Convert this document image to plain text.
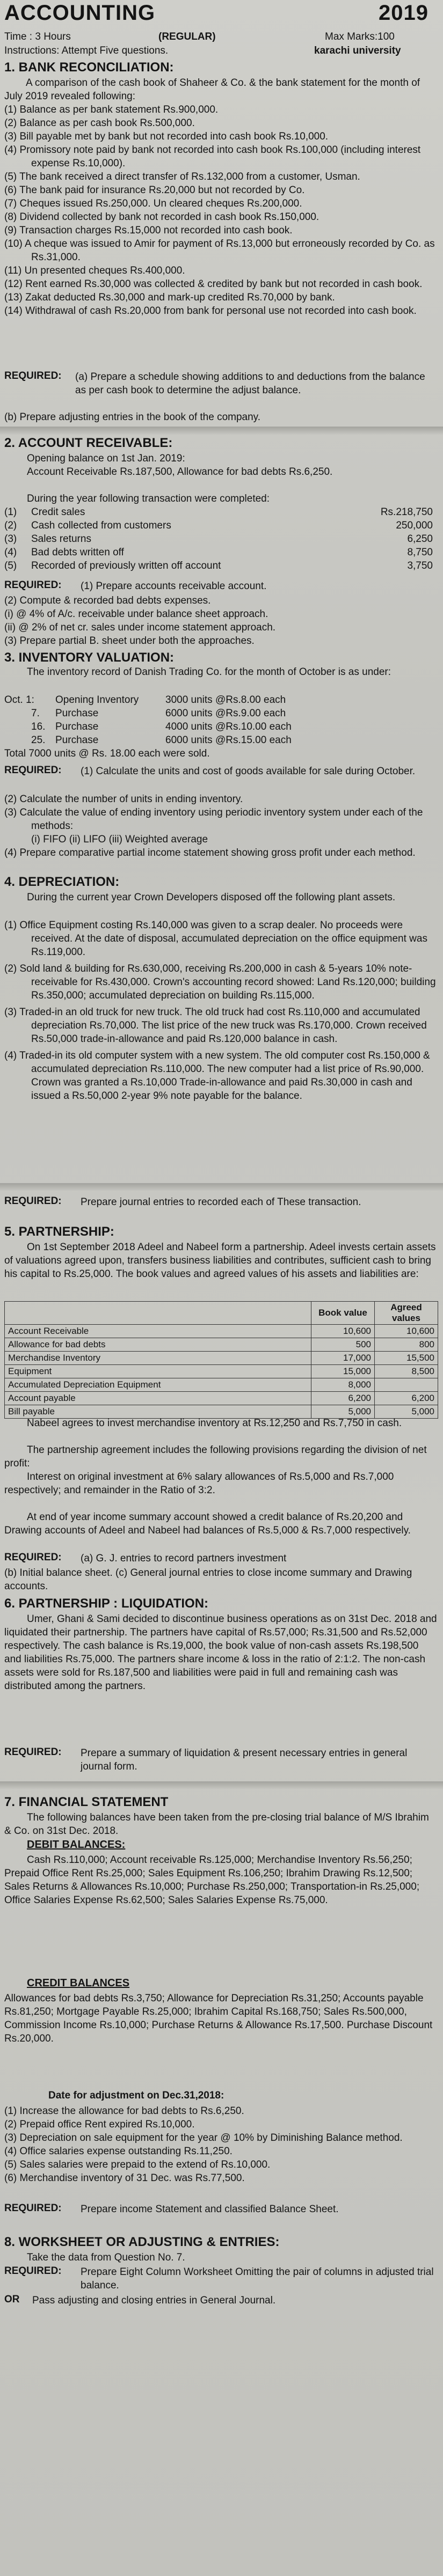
ACCOUNTING	2019
Time : 3 Hours	(REGULAR)	Max Marks:100
Instructions: Attempt Five questions.	karachi university
1. BANK RECONCILIATION:
A comparison of the cash book of Shaheer & Co. & the bank statement for the month of July 2019 revealed following:
(1) Balance as per bank statement Rs.900,000.
(2) Balance as per cash book Rs.500,000.
(3) Bill payable met by bank but not recorded into cash book Rs.10,000.
(4) Promissory note paid by bank not recorded into cash book Rs.100,000 (including interest expense Rs.10,000).
(5) The bank received a direct transfer of Rs.132,000 from a customer, Usman.
(6) The bank paid for insurance Rs.20,000 but not recorded by Co.
(7) Cheques issued Rs.250,000. Un cleared cheques Rs.200,000.
(8) Dividend collected by bank not recorded in cash book Rs.150,000.
(9) Transaction charges Rs.15,000 not recorded into cash book.
(10) A cheque was issued to Amir for payment of Rs.13,000 but erroneously recorded by Co. as Rs.31,000.
(11) Un presented cheques Rs.400,000.
(12) Rent earned Rs.30,000 was collected & credited by bank but not recorded in cash book.
(13) Zakat deducted Rs.30,000 and mark-up credited Rs.70,000 by bank.
(14) Withdrawal of cash Rs.20,000 from bank for personal use not recorded into cash book.
REQUIRED: (a) Prepare a schedule showing additions to and deductions from the balance as per cash book to determine the adjust balance.
(b) Prepare adjusting entries in the book of the company.
2. ACCOUNT RECEIVABLE:
Opening balance on 1st Jan. 2019:
Account Receivable Rs.187,500, Allowance for bad debts Rs.6,250.
During the year following transaction were completed:
(1) Credit sales	Rs.218,750
(2) Cash collected from customers	250,000
(3) Sales returns	6,250
(4) Bad debts written off	8,750
(5) Recorded of previously written off account	3,750
REQUIRED: (1) Prepare accounts receivable account.
(2) Compute & recorded bad debts expenses.
(i) @ 4% of A/c. receivable under balance sheet approach.
(ii) @ 2% of net cr. sales under income statement approach.
(3) Prepare partial B. sheet under both the approaches.
3. INVENTORY VALUATION:
The inventory record of Danish Trading Co. for the month of October is as under:
Oct. 1: Opening Inventory	3000 units @Rs.8.00 each
7. Purchase	6000 units @Rs.9.00 each
16. Purchase	4000 units @Rs.10.00 each
25. Purchase	6000 units @Rs.15.00 each
Total 7000 units @ Rs. 18.00 each were sold.
REQUIRED: (1) Calculate the units and cost of goods available for sale during October.
(2) Calculate the number of units in ending inventory.
(3) Calculate the value of ending inventory using periodic inventory system under each of the methods:
(i) FIFO (ii) LIFO (iii) Weighted average
(4) Prepare comparative partial income statement showing gross profit under each method.
4. DEPRECIATION:
During the current year Crown Developers disposed off the following plant assets.
(1) Office Equipment costing Rs.140,000 was given to a scrap dealer. No proceeds were received. At the date of disposal, accumulated depreciation on the office equipment was Rs.119,000.
(2) Sold land & building for Rs.630,000, receiving Rs.200,000 in cash & 5-years 10% note-receivable for Rs.430,000. Crown's accounting record showed: Land Rs.120,000; building Rs.350,000; accumulated depreciation on building Rs.115,000.
(3) Traded-in an old truck for new truck. The old truck had cost Rs.110,000 and accumulated depreciation Rs.70,000. The list price of the new truck was Rs.170,000. Crown received Rs.50,000 trade-in-allowance and paid Rs.120,000 balance in cash.
(4) Traded-in its old computer system with a new system. The old computer cost Rs.150,000 & accumulated depreciation Rs.110,000. The new computer had a list price of Rs.90,000. Crown was granted a Rs.10,000 Trade-in-allowance and paid Rs.30,000 in cash and issued a Rs.50,000 2-year 9% note payable for the balance.
REQUIRED: Prepare journal entries to recorded each of These transaction.
5. PARTNERSHIP:
On 1st September 2018 Adeel and Nabeel form a partnership. Adeel invests certain assets of valuations agreed upon, transfers business liabilities and contributes, sufficient cash to bring his capital to Rs.25,000. The book values and agreed values of his assets and liabilities are:
	Book value	Agreed values
Account Receivable	10,600	10,600
Allowance for bad debts	500	800
Merchandise Inventory	17,000	15,500
Equipment	15,000	8,500
Accumulated Depreciation Equipment	8,000	
Account payable	6,200	6,200
Bill payable	5,000	5,000
Nabeel agrees to invest merchandise inventory at Rs.12,250 and Rs.7,750 in cash.
The partnership agreement includes the following provisions regarding the division of net profit:
Interest on original investment at 6% salary allowances of Rs.5,000 and Rs.7,000 respectively; and remainder in the Ratio of 3:2.
At end of year income summary account showed a credit balance of Rs.20,200 and Drawing accounts of Adeel and Nabeel had balances of Rs.5,000 & Rs.7,000 respectively.
REQUIRED: (a) G. J. entries to record partners investment
(b) Initial balance sheet. (c) General journal entries to close income summary and Drawing accounts.
6. PARTNERSHIP : LIQUIDATION:
Umer, Ghani & Sami decided to discontinue business operations as on 31st Dec. 2018 and liquidated their partnership. The partners have capital of Rs.57,000; Rs.31,500 and Rs.52,000 respectively. The cash balance is Rs.19,000, the book value of non-cash assets Rs.198,500 and liabilities Rs.75,000. The partners share income & loss in the ratio of 2:1:2. The non-cash assets were sold for Rs.187,500 and liabilities were paid in full and remaining cash was distributed among the partners.
REQUIRED: Prepare a summary of liquidation & present necessary entries in general journal form.
7. FINANCIAL STATEMENT
The following balances have been taken from the pre-closing trial balance of M/S Ibrahim & Co. on 31st Dec. 2018.
DEBIT BALANCES:
Cash Rs.110,000; Account receivable Rs.125,000; Merchandise Inventory Rs.56,250; Prepaid Office Rent Rs.25,000; Sales Equipment Rs.106,250; Ibrahim Drawing Rs.12,500; Sales Returns & Allowances Rs.10,000; Purchase Rs.250,000; Transportation-in Rs.25,000; Office Salaries Expense Rs.62,500; Sales Salaries Expense Rs.75,000.
CREDIT BALANCES
Allowances for bad debts Rs.3,750; Allowance for Depreciation Rs.31,250; Accounts payable Rs.81,250; Mortgage Payable Rs.25,000; Ibrahim Capital Rs.168,750; Sales Rs.500,000, Commission Income Rs.10,000; Purchase Returns & Allowance Rs.17,500. Purchase Discount Rs.20,000.
Date for adjustment on Dec.31,2018:
(1) Increase the allowance for bad debts to Rs.6,250.
(2) Prepaid office Rent expired Rs.10,000.
(3) Depreciation on sale equipment for the year @ 10% by Diminishing Balance method.
(4) Office salaries expense outstanding Rs.11,250.
(5) Sales salaries were prepaid to the extend of Rs.10,000.
(6) Merchandise inventory of 31 Dec. was Rs.77,500.
REQUIRED: Prepare income Statement and classified Balance Sheet.
8. WORKSHEET OR ADJUSTING & ENTRIES:
Take the data from Question No. 7.
REQUIRED: Prepare Eight Column Worksheet Omitting the pair of columns in adjusted trial balance.
OR Pass adjusting and closing entries in General Journal.
